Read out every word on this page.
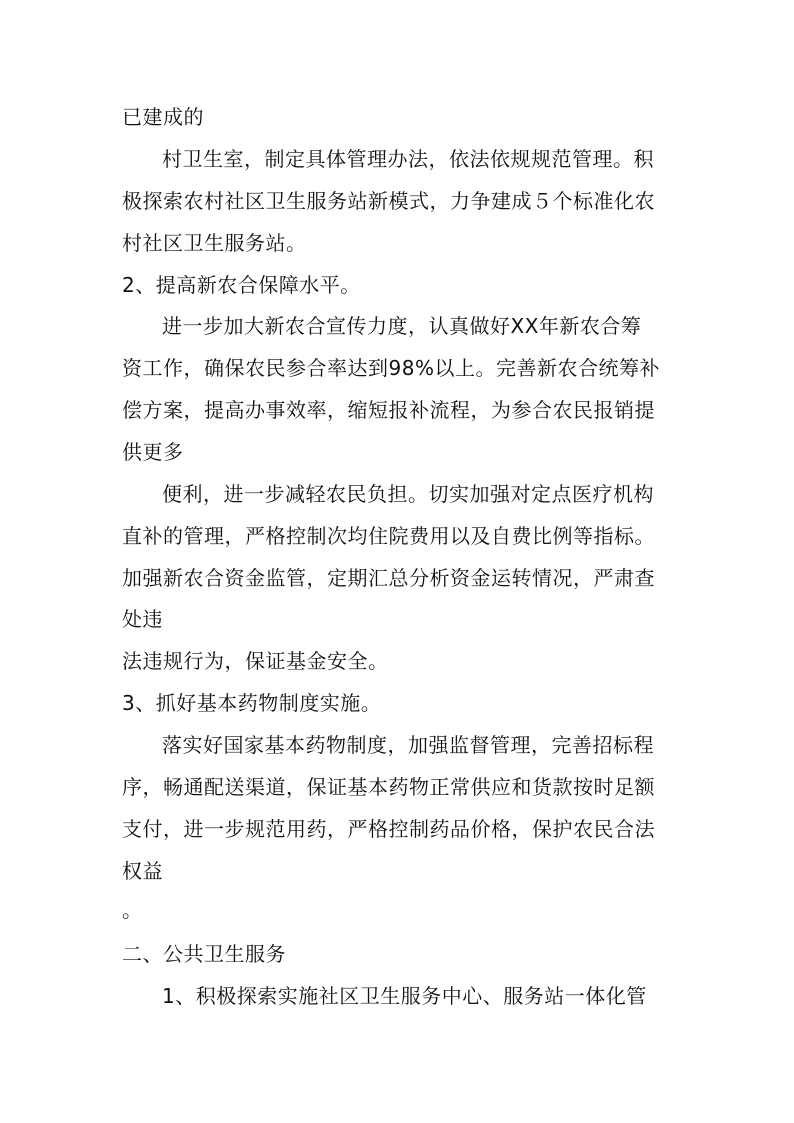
已建成的
村卫生室，制定具体管理办法，依法依规规范管理。积
极探索农村社区卫生服务站新模式，力争建成５个标准化农
村社区卫生服务站。
2、提高新农合保障水平。
进一步加大新农合宣传力度，认真做好XX年新农合筹
资工作，确保农民参合率达到98%以上。完善新农合统筹补
偿方案，提高办事效率，缩短报补流程，为参合农民报销提
供更多
便利，进一步减轻农民负担。切实加强对定点医疗机构
直补的管理，严格控制次均住院费用以及自费比例等指标。
加强新农合资金监管，定期汇总分析资金运转情况，严肃查
处违
法违规行为，保证基金安全。
3、抓好基本药物制度实施。
落实好国家基本药物制度，加强监督管理，完善招标程
序，畅通配送渠道，保证基本药物正常供应和货款按时足额
支付，进一步规范用药，严格控制药品价格，保护农民合法
权益
。
二、公共卫生服务
1、积极探索实施社区卫生服务中心、服务站一体化管
